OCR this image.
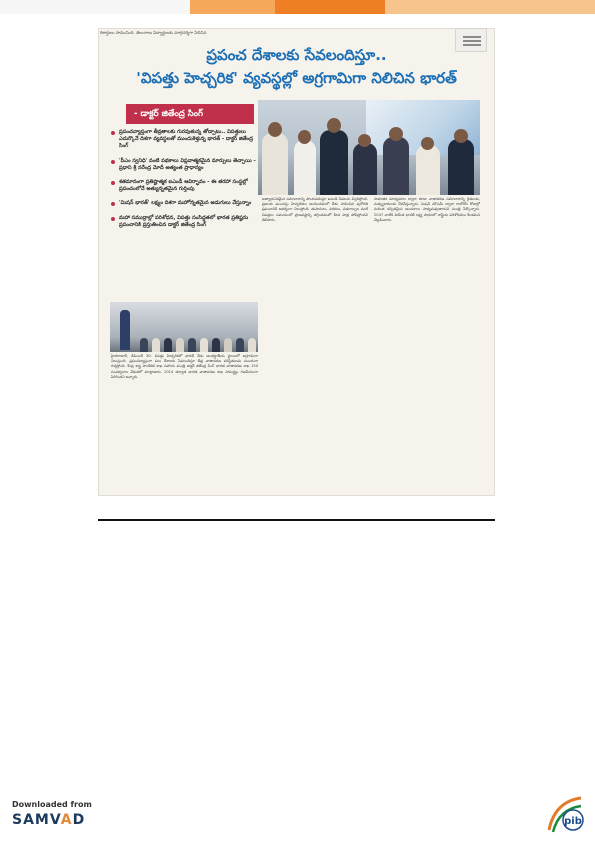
రికార్డులు సాధించింది. తెలంగాణ విద్యార్థులకు మార్గదర్శిగా నిలిచిన
ప్రపంచ దేశాలకు సేవలందిస్తూ..
'విపత్తు హెచ్చరిక' వ్యవస్థల్లో అగ్రగామిగా నిలిచిన భారత్
- డాక్టర్ జితేంద్ర సింగ్
ప్రపంచవ్యాప్తంగా తీవ్రతాలకు గురవుతున్న తోడ్పాటు.. విపత్తులు ఎదుర్కొనే దిశగా వ్యవస్థలతో ముందుకెళ్తున్న భారత్ - డాక్టర్ జితేంద్ర సింగ్
'పీఎం స్వనిధి' వంటి పథకాలు విప్లవాత్మకమైన మార్పులు తెచ్చాయి - ప్రధాని శ్రీ నరేంద్ర మోదీ అత్యంత ప్రాధాన్యం
శతమానంగా ప్రతిష్టాత్మక ఐఎండీ ఆవిర్భావం - ఈ తరహా సంస్థల్లో ప్రపంచంలోనే అత్యున్నతమైన గుర్తింపు
'మిషన్ భారత్' లక్ష్యం దిశగా మహోన్నతమైన అడుగులు వేస్తున్నాం
మహా సముద్రాల్లో పరిశోధన, విపత్తు సంసిద్ధతలో భారత ప్రతిష్టను ప్రపంచానికి ప్రస్తుతించిన డాక్టర్ జితేంద్ర సింగ్
హైదరాబాద్, డిసెంబర్ 30: విపత్తు హెచ్చరికలో భారత్ నేడు అంతర్జాతీయ స్థాయిలో అగ్రగామిగా నిలుస్తుంది. ప్రపంచవ్యాప్తంగా పలు దేశాలకు సేవలందిస్తూ తీవ్ర వాతావరణ పరిస్థితులను ముందుగా గుర్తిస్తోంది. కేంద్ర శాస్త్ర సాంకేతిక శాఖ సహాయ మంత్రి డాక్టర్ జితేంద్ర సింగ్ భారత వాతావరణ శాఖ 150 సంవత్సరాల వేడుకలో మాట్లాడారు. 2014 తర్వాత భారత వాతావరణ శాఖ సామర్థ్యం గణనీయంగా పెరిగిందని అన్నారు.
అత్యాధునికమైన సమాచారాన్ని పొందుపరుస్తూ ఐఎండీ సేవలను విస్తరిస్తోంది. ప్రజలకు ముందస్తు హెచ్చరికలు అందించడంలో దేశం సాధించిన పురోగతి ప్రపంచానికి ఆదర్శంగా నిలుస్తోంది. తుపానులు, వరదలు, వడగాల్పుల వంటి విపత్తుల సమయంలో ప్రాణనష్టాన్ని తగ్గించడంలో కీలక పాత్ర పోషిస్తోందని తెలిపారు.
సామాజిక మాధ్యమాల ద్వారా కూడా వాతావరణ సమాచారాన్ని రైతులకు, మత్స్యకారులకు చేరవేస్తున్నారు. మిషన్ మౌసమ్ ద్వారా రాబోయే రోజుల్లో మరింత కచ్చితమైన అంచనాలు సాధ్యమవుతాయని మంత్రి పేర్కొన్నారు. 2047 నాటికి వికసిత భారత్ లక్ష్య సాధనలో శాస్త్రీయ పరిశోధనలు కీలకమని వెల్లడించారు.
Downloaded from
SAMVAD	pib
